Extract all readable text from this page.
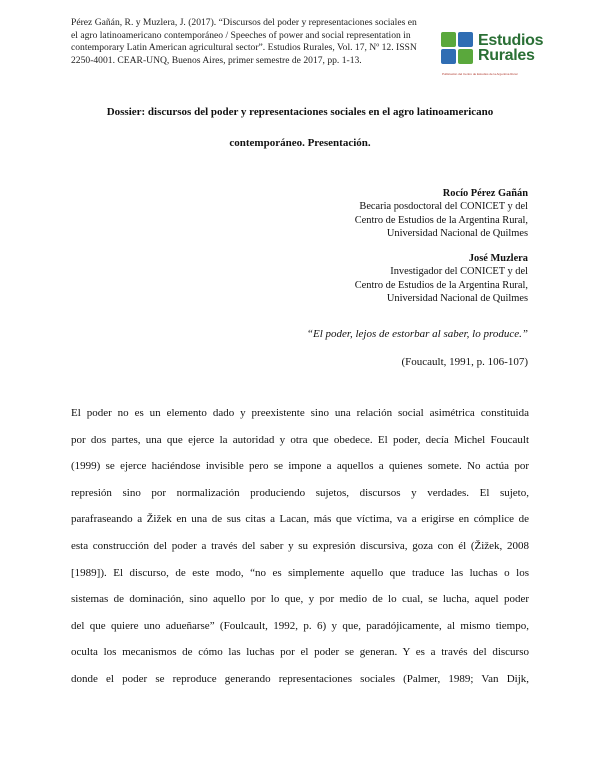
Pérez Gañán, R. y Muzlera, J. (2017). “Discursos del poder y representaciones sociales en
el agro latinoamericano contemporáneo / Speeches of power and social representation in
contemporary Latin American agricultural sector”. Estudios Rurales, Vol. 17, Nº 12. ISSN
2250-4001. CEAR-UNQ, Buenos Aires, primer semestre de 2017, pp. 1-13.
Estudios
Rurales
Publicación del Centro de Estudios de la Argentina Rural
Dossier: discursos del poder y representaciones sociales en el agro latinoamericano
contemporáneo. Presentación.
Rocío Pérez Gañán
Becaria posdoctoral del CONICET y del
Centro de Estudios de la Argentina Rural,
Universidad Nacional de Quilmes
José Muzlera
Investigador del CONICET y del
Centro de Estudios de la Argentina Rural,
Universidad Nacional de Quilmes
“El poder, lejos de estorbar al saber, lo produce.”
(Foucault, 1991, p. 106-107)
El poder no es un elemento dado y preexistente sino una relación social asimétrica constituida
por dos partes, una que ejerce la autoridad y otra que obedece. El poder, decía Michel Foucault
(1999) se ejerce haciéndose invisible pero se impone a aquellos a quienes somete. No actúa por
represión sino por normalización produciendo sujetos, discursos y verdades. El sujeto,
parafraseando a Žižek en una de sus citas a Lacan, más que víctima, va a erigirse en cómplice de
esta construcción del poder a través del saber y su expresión discursiva, goza con él (Žižek, 2008
[1989]). El discurso, de este modo, “no es simplemente aquello que traduce las luchas o los
sistemas de dominación, sino aquello por lo que, y por medio de lo cual, se lucha, aquel poder
del que quiere uno adueñarse” (Foulcault, 1992, p. 6) y que, paradójicamente, al mismo tiempo,
oculta los mecanismos de cómo las luchas por el poder se generan. Y es a través del discurso
donde el poder se reproduce generando representaciones sociales (Palmer, 1989; Van Dijk,
